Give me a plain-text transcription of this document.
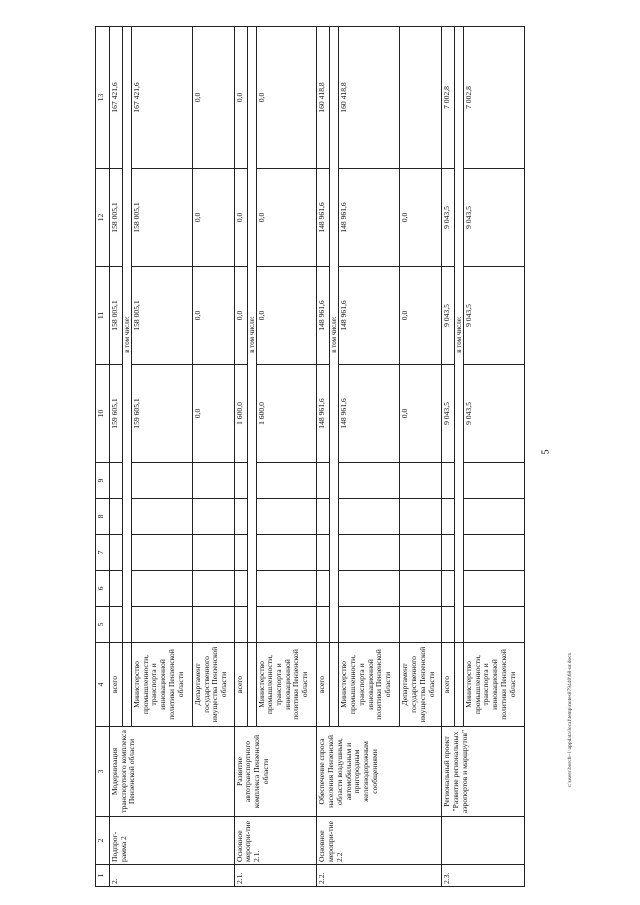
5
c:\users\borch~1\appdata\local\temp\notes879440\68-ur.docx
1	2	3	4	5	6	7	8	9	10	11	12	13
2.	Подпрог-рамма 2	Модернизация транспортного комплекса Пензенской области	всего						159 605,1	158 005,1	158 005,1	167 421,6
				в том числе:								
			Министерство промышленности, транспорта и инновационной политики Пензенской области						159 605,1	158 005,1	158 005,1	167 421,6
			Департамент государственного имущества Пензенской области						0,0	0,0	0,0	0,0
2.1.	Основное меропри-тие 2.1.	Развитие автотранспортного комплекса Пензенской области	всего						1 600,0	0,0	0,0	0,0
				в том числе:								
			Министерство промышленности, транспорта и инновационной политики Пензенской области						1 600,0	0,0	0,0	0,0
2.2.	Основное меропри-тие 2.2	Обеспечение спроса населения Пензенской области воздушным, автомобильным и пригородным железнодорожным сообщениями	всего						148 961,6	148 961,6	148 961,6	160 418,8
				в том числе:								
			Министерство промышленности, транспорта и инновационной политики Пензенской области						148 961,6	148 961,6	148 961,6	160 418,8
			Департамент государственного имущества Пензенской области						0,0	0,0	0,0	
2.3.		Региональный проект "Развитие региональных аэропортов и маршрутов"	всего						9 043,5	9 043,5	9 043,5	7 002,8
				в том числе:								
			Министерство промышленности, транспорта и инновационной политики Пензенской области						9 043,5	9 043,5	9 043,5	7 002,8
